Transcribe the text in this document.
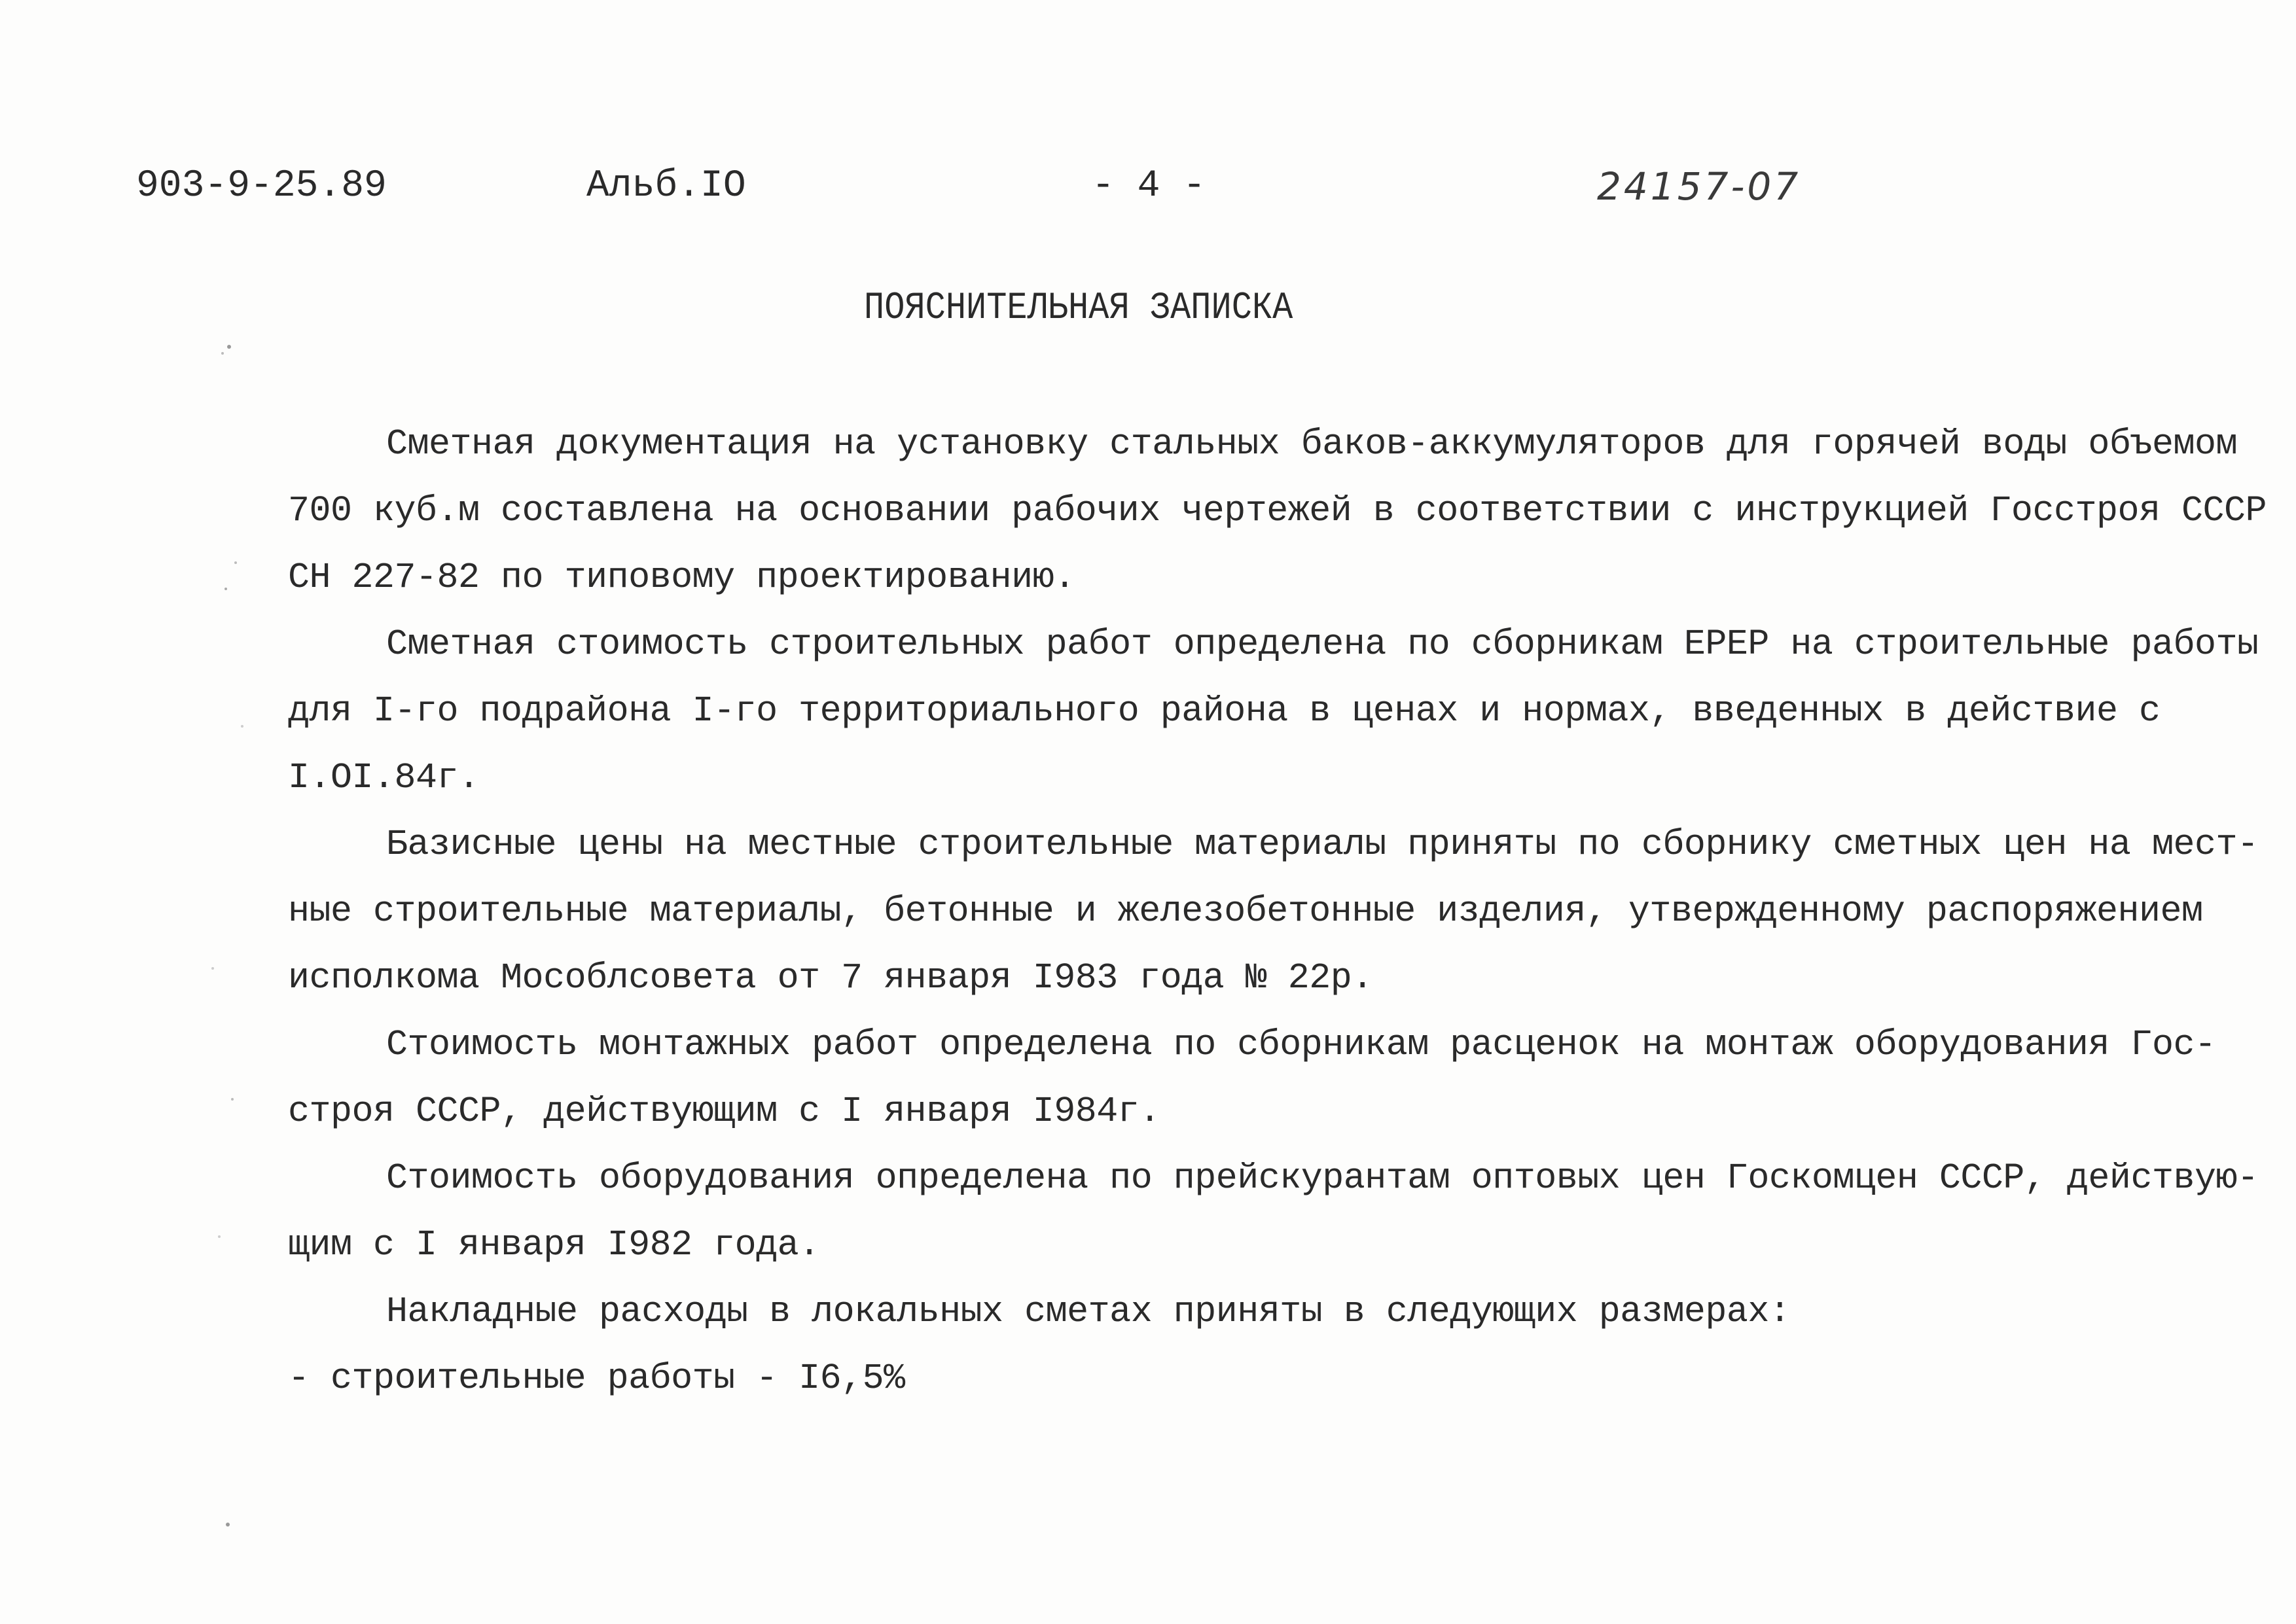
903-9-25.89	Альб.IO	- 4 -	24157-07
ПОЯСНИТЕЛЬНАЯ ЗАПИСКА
Сметная документация на установку стальных баков-аккумуляторов для горячей воды объемом
700 куб.м составлена на основании рабочих чертежей в соответствии с инструкцией Госстроя СССР
СН 227-82 по типовому проектированию.
Сметная стоимость строительных работ определена по сборникам ЕРЕР на строительные работы
для I-го подрайона I-го территориального района в ценах и нормах, введенных в действие с
I.OI.84г.
Базисные цены на местные строительные материалы приняты по сборнику сметных цен на мест-
ные строительные материалы, бетонные и железобетонные изделия, утвержденному распоряжением
исполкома Мособлсовета от 7 января I983 года № 22р.
Стоимость монтажных работ определена по сборникам расценок на монтаж оборудования Гос-
строя СССР, действующим с I января I984г.
Стоимость оборудования определена по прейскурантам оптовых цен Госкомцен СССР, действую-
щим с I января I982 года.
Накладные расходы в локальных сметах приняты в следующих размерах:
- строительные работы - I6,5%
